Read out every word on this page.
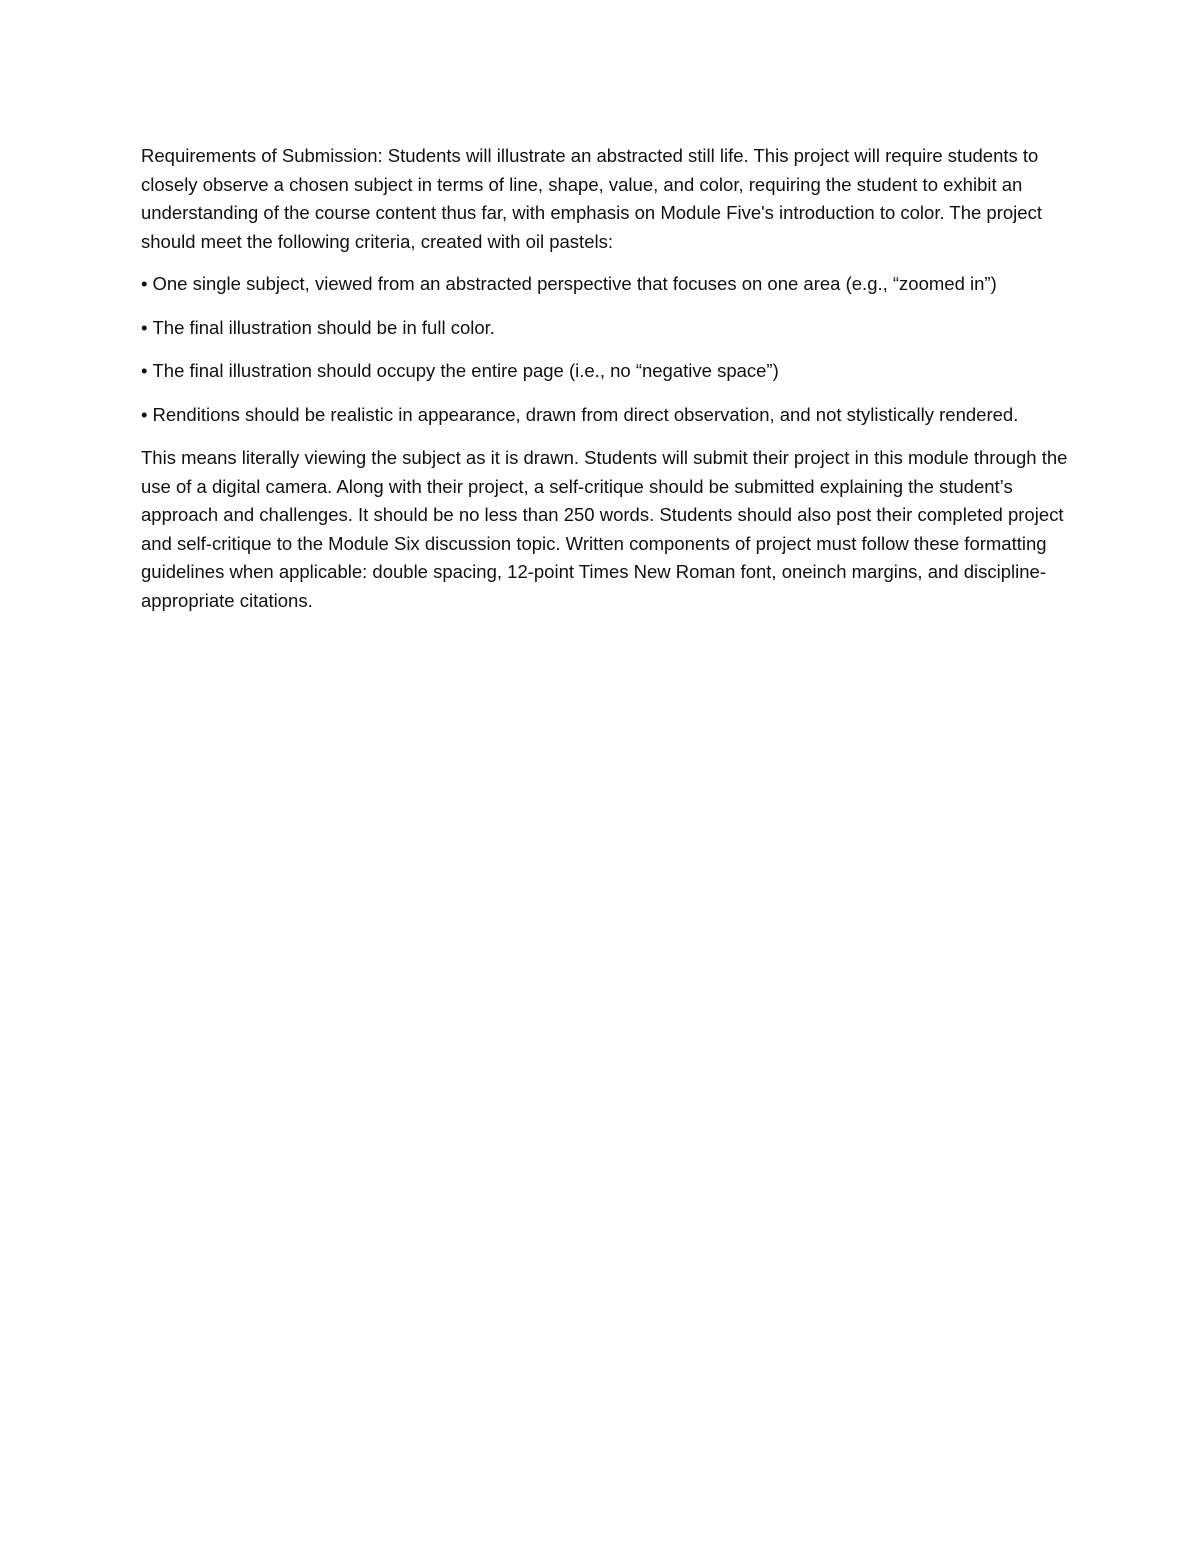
Requirements of Submission: Students will illustrate an abstracted still life. This project will require students to closely observe a chosen subject in terms of line, shape, value, and color, requiring the student to exhibit an understanding of the course content thus far, with emphasis on Module Five's introduction to color. The project should meet the following criteria, created with oil pastels:

• One single subject, viewed from an abstracted perspective that focuses on one area (e.g., “zoomed in”)

• The final illustration should be in full color.

• The final illustration should occupy the entire page (i.e., no “negative space”)

• Renditions should be realistic in appearance, drawn from direct observation, and not stylistically rendered.

This means literally viewing the subject as it is drawn. Students will submit their project in this module through the use of a digital camera. Along with their project, a self-critique should be submitted explaining the student’s approach and challenges. It should be no less than 250 words. Students should also post their completed project and self-critique to the Module Six discussion topic. Written components of project must follow these formatting guidelines when applicable: double spacing, 12-point Times New Roman font, oneinch margins, and discipline-appropriate citations.
